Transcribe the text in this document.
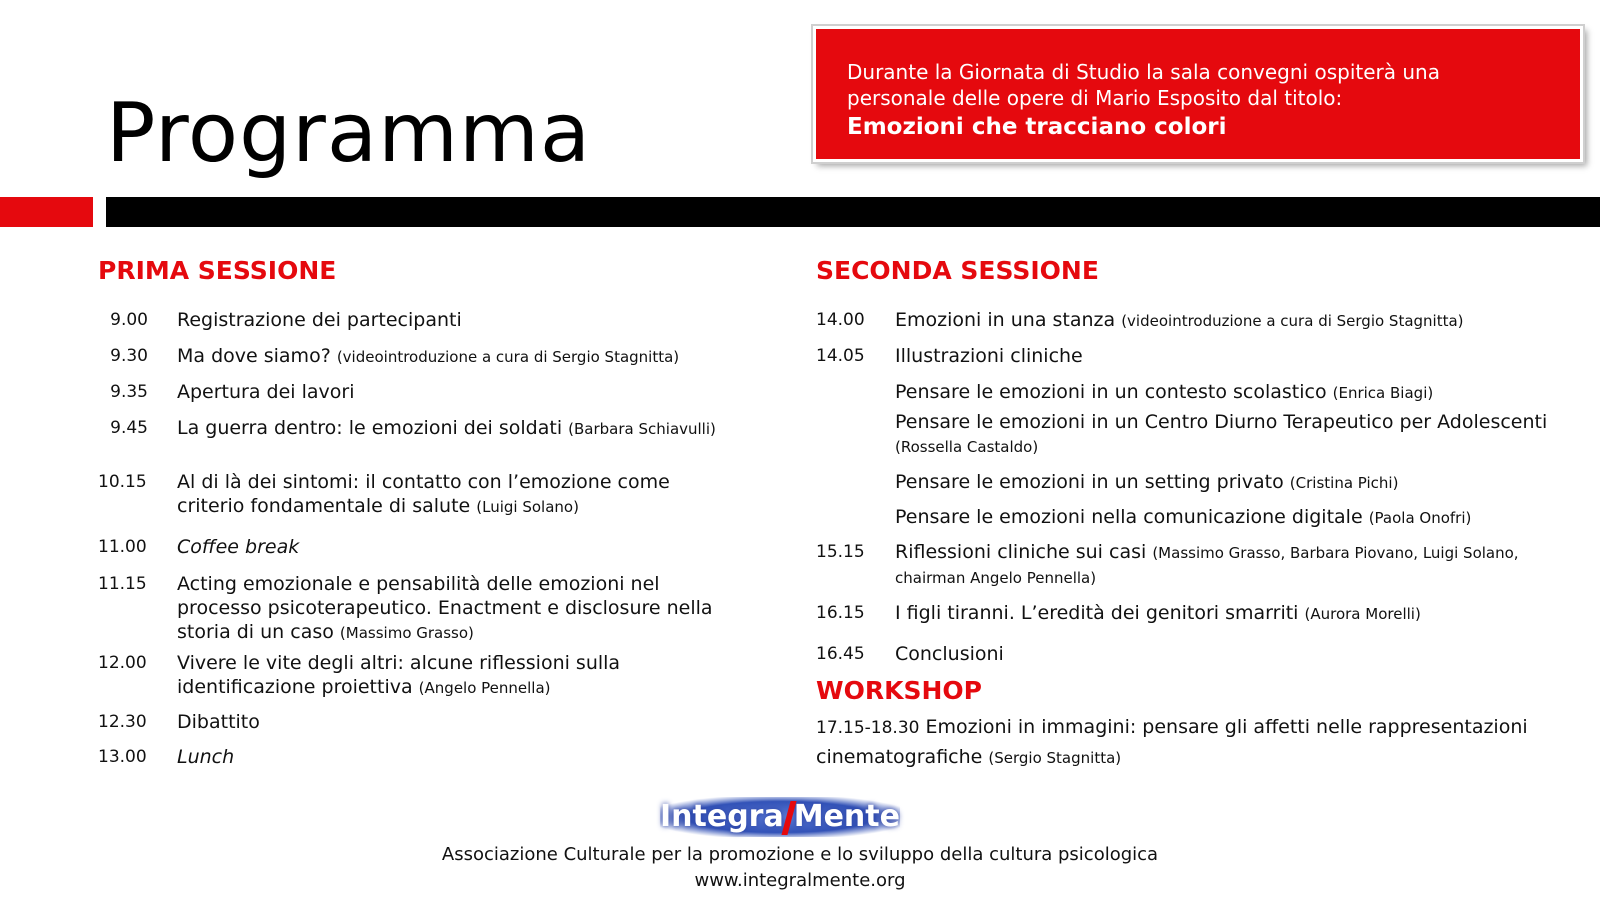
Programma
Durante la Giornata di Studio la sala convegni ospiterà una
personale delle opere di Mario Esposito dal titolo:
Emozioni che tracciano colori
PRIMA SESSIONE
9.00 Registrazione dei partecipanti
9.30 Ma dove siamo? (videointroduzione a cura di Sergio Stagnitta)
9.35 Apertura dei lavori
9.45 La guerra dentro: le emozioni dei soldati (Barbara Schiavulli)
10.15	Al di là dei sintomi: il contatto con l’emozione come criterio fondamentale di salute (Luigi Solano)
11.00	Coffee break
11.15	Acting emozionale e pensabilità delle emozioni nel processo psicoterapeutico. Enactment e disclosure nella storia di un caso (Massimo Grasso)
12.00	Vivere le vite degli altri: alcune riflessioni sulla identificazione proiettiva (Angelo Pennella)
12.30	Dibattito
13.00	Lunch
SECONDA SESSIONE
14.00	Emozioni in una stanza (videointroduzione a cura di Sergio Stagnitta)
14.05	Illustrazioni cliniche
Pensare le emozioni in un contesto scolastico (Enrica Biagi)
Pensare le emozioni in un Centro Diurno Terapeutico per Adolescenti (Rossella Castaldo)
Pensare le emozioni in un setting privato (Cristina Pichi)
Pensare le emozioni nella comunicazione digitale (Paola Onofri)
15.15	Riflessioni cliniche sui casi (Massimo Grasso, Barbara Piovano, Luigi Solano, chairman Angelo Pennella)
16.15	I figli tiranni. L’eredità dei genitori smarriti (Aurora Morelli)
16.45	Conclusioni
WORKSHOP
17.15-18.30 Emozioni in immagini: pensare gli affetti nelle rappresentazioni cinematografiche (Sergio Stagnitta)
Integra Mente
Associazione Culturale per la promozione e lo sviluppo della cultura psicologica
www.integralmente.org
